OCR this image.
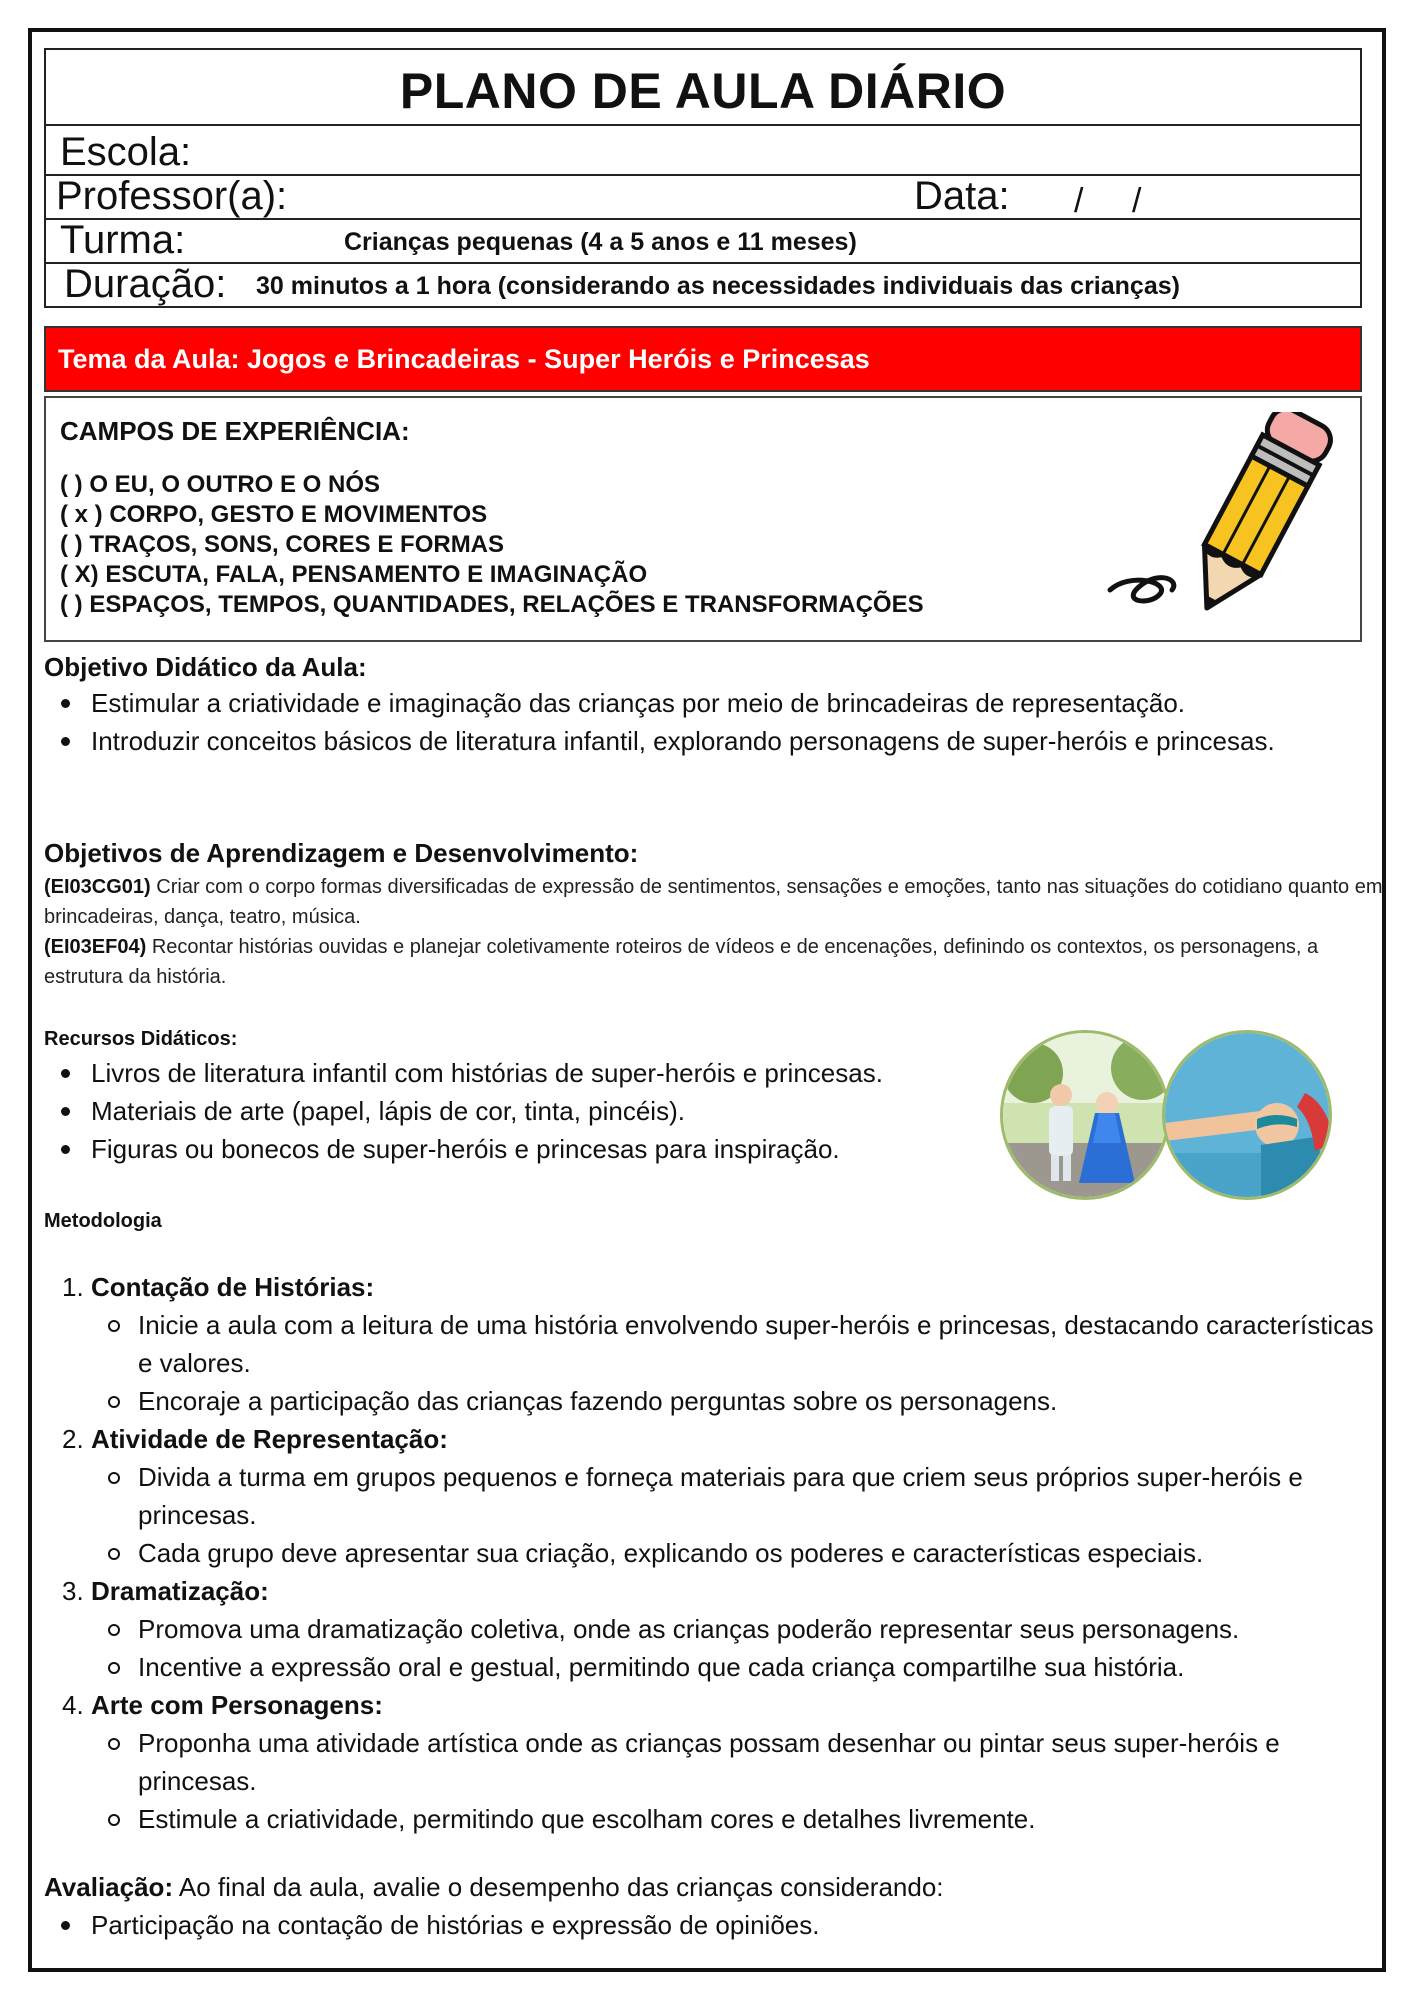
PLANO DE AULA DIÁRIO
Escola:
Professor(a):	Data: / /
Turma:	Crianças pequenas (4 a 5 anos e 11 meses)
Duração: 30 minutos a 1 hora (considerando as necessidades individuais das crianças)
Tema da Aula: Jogos e Brincadeiras - Super Heróis e Princesas
CAMPOS DE EXPERIÊNCIA:
( ) O EU, O OUTRO E O NÓS
( x ) CORPO, GESTO E MOVIMENTOS
( ) TRAÇOS, SONS, CORES E FORMAS
( X) ESCUTA, FALA, PENSAMENTO E IMAGINAÇÃO
( ) ESPAÇOS, TEMPOS, QUANTIDADES, RELAÇÕES E TRANSFORMAÇÕES
Objetivo Didático da Aula:
Estimular a criatividade e imaginação das crianças por meio de brincadeiras de representação.
Introduzir conceitos básicos de literatura infantil, explorando personagens de super-heróis e princesas.
Objetivos de Aprendizagem e Desenvolvimento:
(EI03CG01) Criar com o corpo formas diversificadas de expressão de sentimentos, sensações e emoções, tanto nas situações do cotidiano quanto em brincadeiras, dança, teatro, música.
(EI03EF04) Recontar histórias ouvidas e planejar coletivamente roteiros de vídeos e de encenações, definindo os contextos, os personagens, a estrutura da história.
Recursos Didáticos:
Livros de literatura infantil com histórias de super-heróis e princesas.
Materiais de arte (papel, lápis de cor, tinta, pincéis).
Figuras ou bonecos de super-heróis e princesas para inspiração.
Metodologia
1. Contação de Histórias:
Inicie a aula com a leitura de uma história envolvendo super-heróis e princesas, destacando características e valores.
Encoraje a participação das crianças fazendo perguntas sobre os personagens.
2. Atividade de Representação:
Divida a turma em grupos pequenos e forneça materiais para que criem seus próprios super-heróis e princesas.
Cada grupo deve apresentar sua criação, explicando os poderes e características especiais.
3. Dramatização:
Promova uma dramatização coletiva, onde as crianças poderão representar seus personagens.
Incentive a expressão oral e gestual, permitindo que cada criança compartilhe sua história.
4. Arte com Personagens:
Proponha uma atividade artística onde as crianças possam desenhar ou pintar seus super-heróis e princesas.
Estimule a criatividade, permitindo que escolham cores e detalhes livremente.
Avaliação: Ao final da aula, avalie o desempenho das crianças considerando:
Participação na contação de histórias e expressão de opiniões.
